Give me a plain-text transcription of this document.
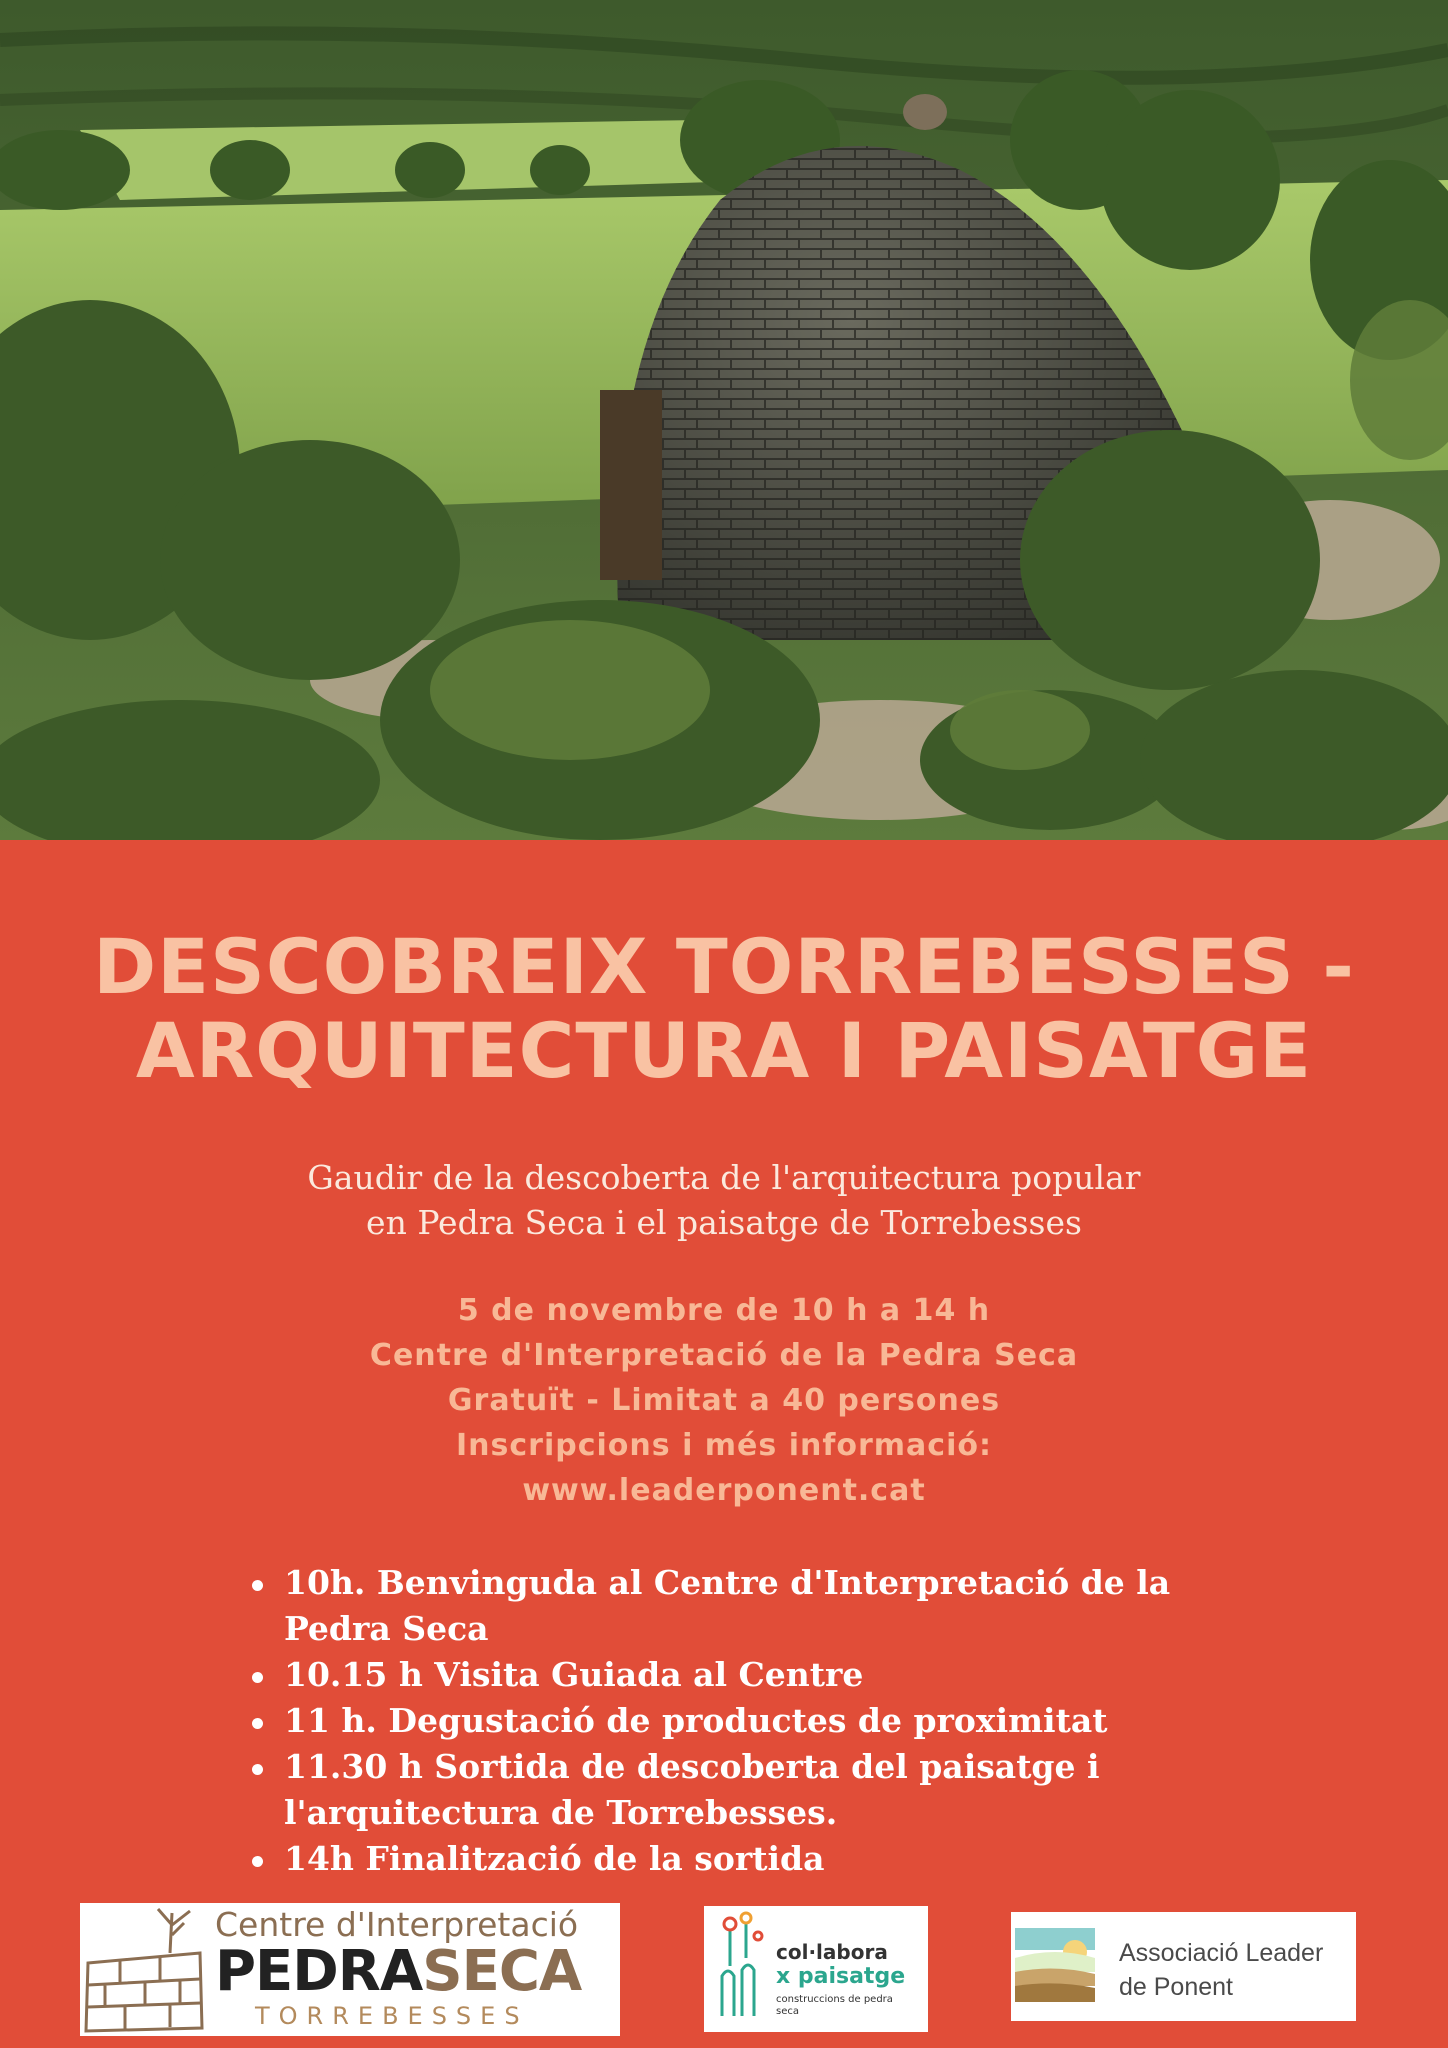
DESCOBREIX TORREBESSES -
ARQUITECTURA I PAISATGE
Gaudir de la descoberta de l'arquitectura popular
en Pedra Seca i el paisatge de Torrebesses
5 de novembre de 10 h a 14 h
Centre d'Interpretació de la Pedra Seca
Gratuït - Limitat a 40 persones
Inscripcions i més informació:
www.leaderponent.cat
10h. Benvinguda al Centre d'Interpretació de la
Pedra Seca
10.15 h Visita Guiada al Centre
11 h. Degustació de productes de proximitat
11.30 h Sortida de descoberta del paisatge i
l'arquitectura de Torrebesses.
14h Finalització de la sortida
Centre d'Interpretació
PEDRASECA
TORREBESSES
col·labora
x paisatge
construccions de pedra seca
Associació Leader
de Ponent
